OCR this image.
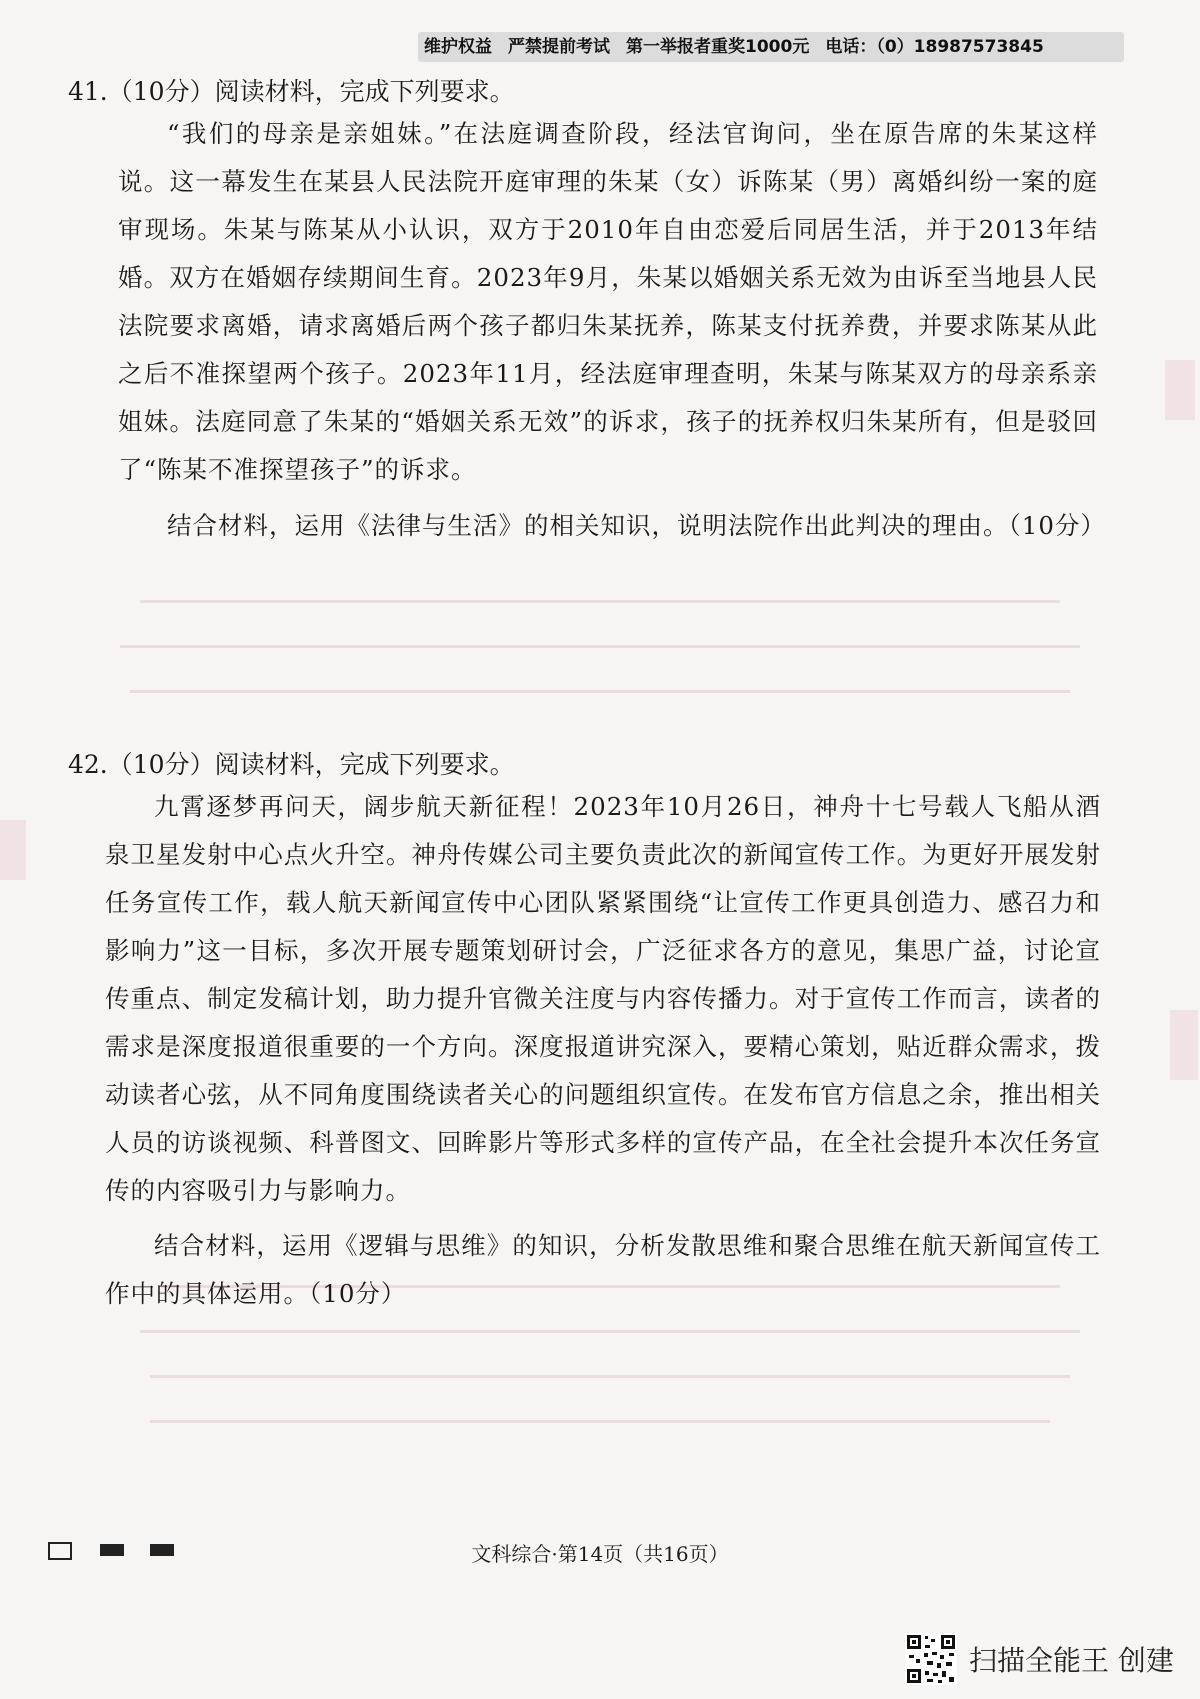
维护权益 严禁提前考试 第一举报者重奖1000元 电话：（0）18987573845
41.（10分）阅读材料，完成下列要求。
“我们的母亲是亲姐妹。”在法庭调查阶段，经法官询问，坐在原告席的朱某这样说。这一幕发生在某县人民法院开庭审理的朱某（女）诉陈某（男）离婚纠纷一案的庭审现场。朱某与陈某从小认识，双方于2010年自由恋爱后同居生活，并于2013年结婚。双方在婚姻存续期间生育。2023年9月，朱某以婚姻关系无效为由诉至当地县人民法院要求离婚，请求离婚后两个孩子都归朱某抚养，陈某支付抚养费，并要求陈某从此之后不准探望两个孩子。2023年11月，经法庭审理查明，朱某与陈某双方的母亲系亲姐妹。法庭同意了朱某的“婚姻关系无效”的诉求，孩子的抚养权归朱某所有，但是驳回了“陈某不准探望孩子”的诉求。
结合材料，运用《法律与生活》的相关知识，说明法院作出此判决的理由。（10分）
42.（10分）阅读材料，完成下列要求。
九霄逐梦再问天，阔步航天新征程！2023年10月26日，神舟十七号载人飞船从酒泉卫星发射中心点火升空。神舟传媒公司主要负责此次的新闻宣传工作。为更好开展发射任务宣传工作，载人航天新闻宣传中心团队紧紧围绕“让宣传工作更具创造力、感召力和影响力”这一目标，多次开展专题策划研讨会，广泛征求各方的意见，集思广益，讨论宣传重点、制定发稿计划，助力提升官微关注度与内容传播力。对于宣传工作而言，读者的需求是深度报道很重要的一个方向。深度报道讲究深入，要精心策划，贴近群众需求，拨动读者心弦，从不同角度围绕读者关心的问题组织宣传。在发布官方信息之余，推出相关人员的访谈视频、科普图文、回眸影片等形式多样的宣传产品，在全社会提升本次任务宣传的内容吸引力与影响力。
结合材料，运用《逻辑与思维》的知识，分析发散思维和聚合思维在航天新闻宣传工作中的具体运用。（10分）
文科综合·第14页（共16页）
扫描全能王 创建
